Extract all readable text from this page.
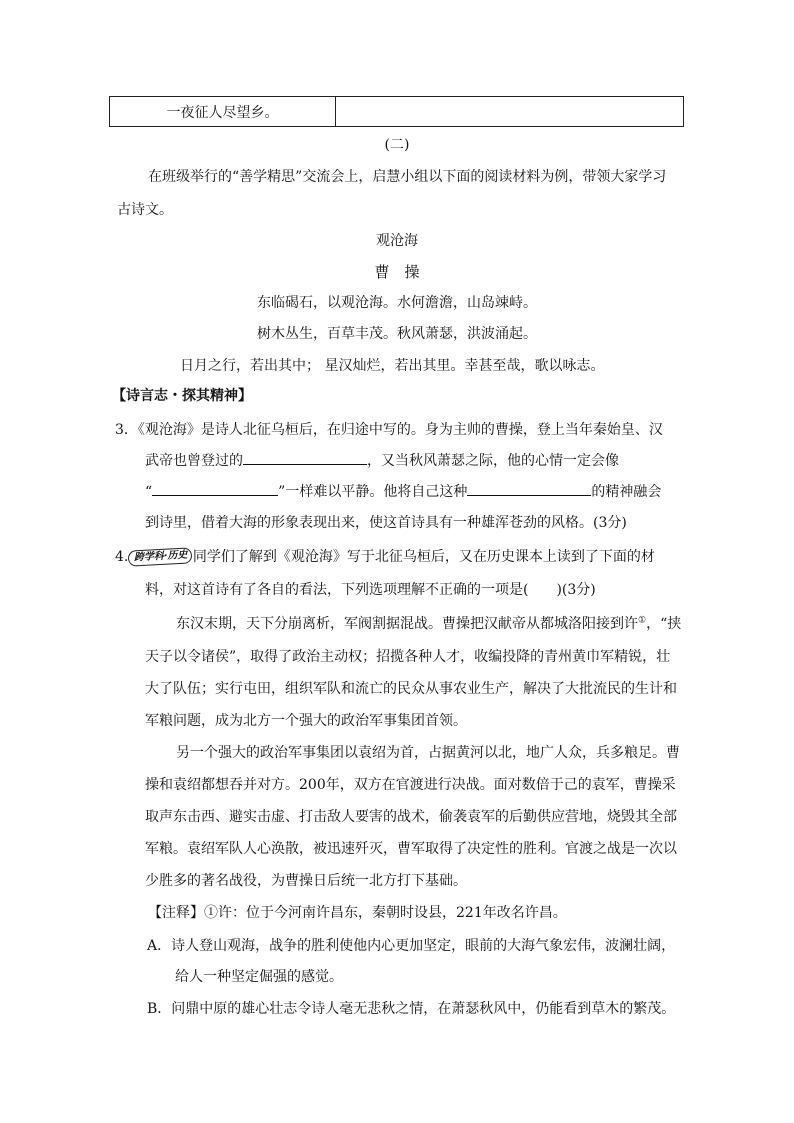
一夜征人尽望乡。
(二)
在班级举行的“善学精思”交流会上，启慧小组以下面的阅读材料为例，带领大家学习
古诗文。
观沧海
曹　操
东临碣石，以观沧海。水何澹澹，山岛竦峙。
树木丛生，百草丰茂。秋风萧瑟，洪波涌起。
日月之行，若出其中； 星汉灿烂，若出其里。幸甚至哉，歌以咏志。
【诗言志・探其精神】
3．《观沧海》是诗人北征乌桓后，在归途中写的。身为主帅的曹操，登上当年秦始皇、汉
武帝也曾登过的	，又当秋风萧瑟之际，他的心情一定会像
“	”一样难以平静。他将自己这种	的精神融会
到诗里，借着大海的形象表现出来，使这首诗具有一种雄浑苍劲的风格。(3分)
4. 跨学科·历史 同学们了解到《观沧海》写于北征乌桓后，又在历史课本上读到了下面的材
料，对这首诗有了各自的看法，下列选项理解不正确的一项是(　　)(3分)
东汉末期，天下分崩离析，军阀割据混战。曹操把汉献帝从都城洛阳接到许①，“挟
天子以令诸侯”，取得了政治主动权；招揽各种人才，收编投降的青州黄巾军精锐，壮
大了队伍；实行屯田，组织军队和流亡的民众从事农业生产，解决了大批流民的生计和
军粮问题，成为北方一个强大的政治军事集团首领。
另一个强大的政治军事集团以袁绍为首，占据黄河以北，地广人众，兵多粮足。曹
操和袁绍都想吞并对方。200年，双方在官渡进行决战。面对数倍于己的袁军，曹操采
取声东击西、避实击虚、打击敌人要害的战术，偷袭袁军的后勤供应营地，烧毁其全部
军粮。袁绍军队人心涣散，被迅速歼灭，曹军取得了决定性的胜利。官渡之战是一次以
少胜多的著名战役，为曹操日后统一北方打下基础。
【注释】①许：位于今河南许昌东，秦朝时设县，221年改名许昌。
A．诗人登山观海，战争的胜利使他内心更加坚定，眼前的大海气象宏伟，波澜壮阔，
给人一种坚定倔强的感觉。
B．问鼎中原的雄心壮志令诗人毫无悲秋之情，在萧瑟秋风中，仍能看到草木的繁茂。
